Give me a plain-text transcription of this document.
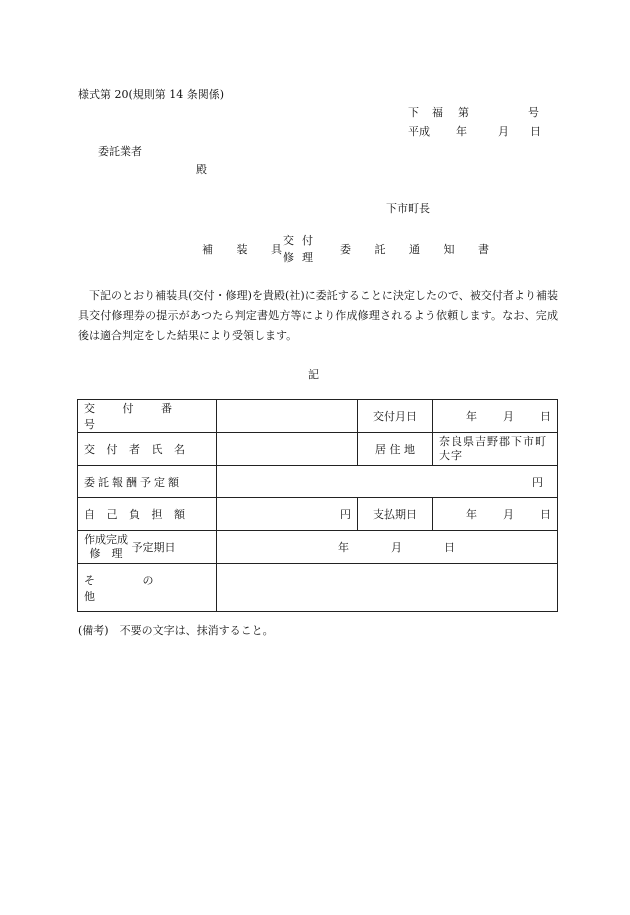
様式第 20(規則第 14 条関係)
下 福 第	号
平成 年	月 日
委託業者
殿
下市町長
補 装 具
交付
修理
委 託 通 知 書
下記のとおり補装具(交付・修理)を貴殿(社)に委託することに決定したので、被交付者より補装具交付修理券の提示があつたら判定書処方等により作成修理されるよう依頼します。なお、完成後は適合判定をした結果により受領します。
記
交 付 番 号		交付月日	年 月 日

交 付 者 氏 名		居 住 地	奈良県吉野郡下市町大字
委託報酬予定額	円		
自 己 負 担 額	円	支払期日	年 月 日

作成完成
修　理 予定期日	年 月 日		

そ の 他			
(備考)　不要の文字は、抹消すること。
